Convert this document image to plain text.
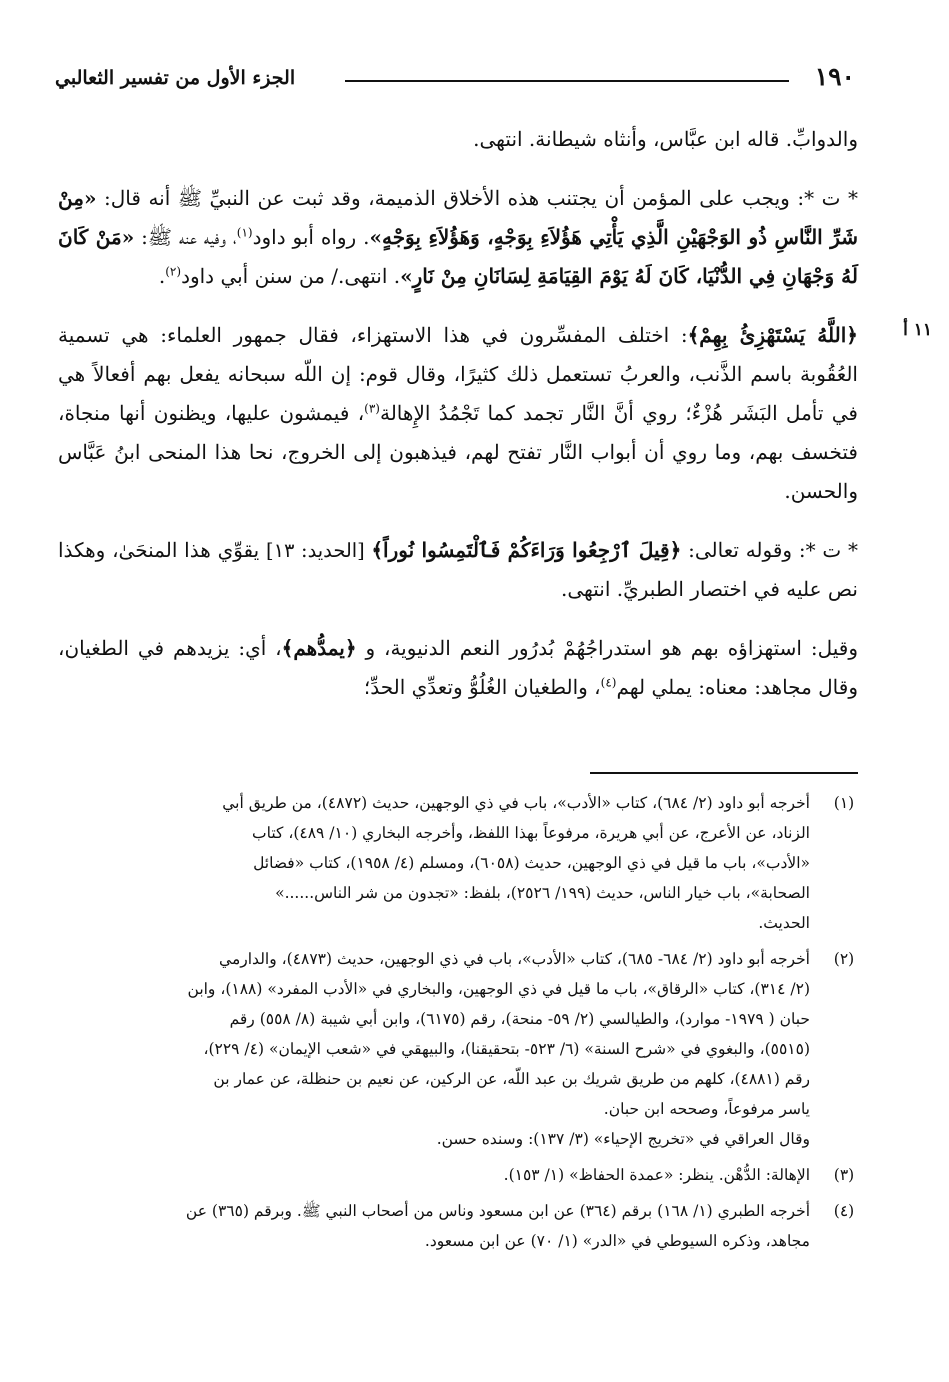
١٩٠
الجزء الأول من تفسير الثعالبي
١١ أ

والدوابِّ. قاله ابن عبَّاس، وأنثاه شيطانة. انتهى.

* ت *: ويجب على المؤمن أن يجتنب هذه الأخلاق الذميمة، وقد ثبت عن النبيِّ ﷺ أنه قال: «مِنْ شَرِّ النَّاسِ ذُو الوَجْهَيْنِ الَّذِي يَأْتِي هَؤُلاَءِ بِوَجْهٍ، وَهَؤُلاَءِ بِوَجْهٍ». رواه أبو داود$^{(١)}$، وفيه عنه ﷺ: «مَنْ كَانَ لَهُ وَجْهَانِ فِي الدُّنْيَا، كَانَ لَهُ يَوْمَ القِيَامَةِ لِسَانَانِ مِنْ نَارٍ». انتهى./ من سنن أبي داود$^{(٢)}$.

﴿اللَّهُ يَسْتَهْزِئُ بِهِمْ﴾: اختلف المفسِّرون في هذا الاستهزاء، فقال جمهور العلماء: هي تسمية العُقُوبة باسم الذَّنب، والعربُ تستعمل ذلك كثيرًا، وقال قوم: إن اللّه سبحانه يفعل بهم أفعالاً هي في تأمل البَشَر هُزْءٌ؛ روي أنَّ النَّار تجمد كما تَجْمُدُ الإِهالة$^{(٣)}$، فيمشون عليها، ويظنون أنها منجاة، فتخسف بهم، وما روي أن أبواب النَّار تفتح لهم، فيذهبون إلى الخروج، نحا هذا المنحى ابنُ عَبَّاس والحسن.

* ت *: وقوله تعالى: ﴿قِيلَ ٱرْجِعُوا وَرَاءَكُمْ فَٱلْتَمِسُوا نُوراً﴾ [الحديد: ١٣] يقوِّي هذا المنحَىٰ، وهكذا نص عليه في اختصار الطبريِّ. انتهى.

وقيل: استهزاؤه بهم هو استدراجُهُمْ بُدرُور النعم الدنيوية، و ﴿يمدُّهم﴾، أي: يزيدهم في الطغيان، وقال مجاهد: معناه: يملي لهم$^{(٤)}$، والطغيان الغُلُوُّ وتعدِّي الحدِّ؛

(١)
أخرجه أبو داود (٢/ ٦٨٤)، كتاب «الأدب»، باب في ذي الوجهين، حديث (٤٨٧٢)، من طريق أبي
الزناد، عن الأعرج، عن أبي هريرة، مرفوعاً بهذا اللفظ، وأخرجه البخاري (١٠/ ٤٨٩)، كتاب
«الأدب»، باب ما قيل في ذي الوجهين، حديث (٦٠٥٨)، ومسلم (٤/ ١٩٥٨)، كتاب «فضائل
الصحابة»، باب خيار الناس، حديث (١٩٩/ ٢٥٢٦)، بلفظ: «تجدون من شر الناس......»
الحديث.
(٢)
أخرجه أبو داود (٢/ ٦٨٤- ٦٨٥)، كتاب «الأدب»، باب في ذي الوجهين، حديث (٤٨٧٣)، والدارمي
(٢/ ٣١٤)، كتاب «الرقاق»، باب ما قيل في ذي الوجهين، والبخاري في «الأدب المفرد» (١٨٨)، وابن
حبان ( ١٩٧٩- موارد)، والطيالسي (٢/ ٥٩- منحة)، رقم (٦١٧٥)، وابن أبي شيبة (٨/ ٥٥٨) رقم
(٥٥١٥)، والبغوي في «شرح السنة» (٦/ ٥٢٣- بتحقيقنا)، والبيهقي في «شعب الإيمان» (٤/ ٢٢٩)،
رقم (٤٨٨١)، كلهم من طريق شريك بن عبد اللّه، عن الركين، عن نعيم بن حنظلة، عن عمار بن
ياسر مرفوعاً، وصححه ابن حبان.
وقال العراقي في «تخريج الإحياء» (٣/ ١٣٧): وسنده حسن.
(٣)
الإهالة: الدُّهْن. ينظر: «عمدة الحفاظ» (١/ ١٥٣).
(٤)
أخرجه الطبري (١/ ١٦٨) برقم (٣٦٤) عن ابن مسعود وناس من أصحاب النبي ﷺ. وبرقم (٣٦٥) عن
مجاهد، وذكره السيوطي في «الدر» (١/ ٧٠) عن ابن مسعود.
